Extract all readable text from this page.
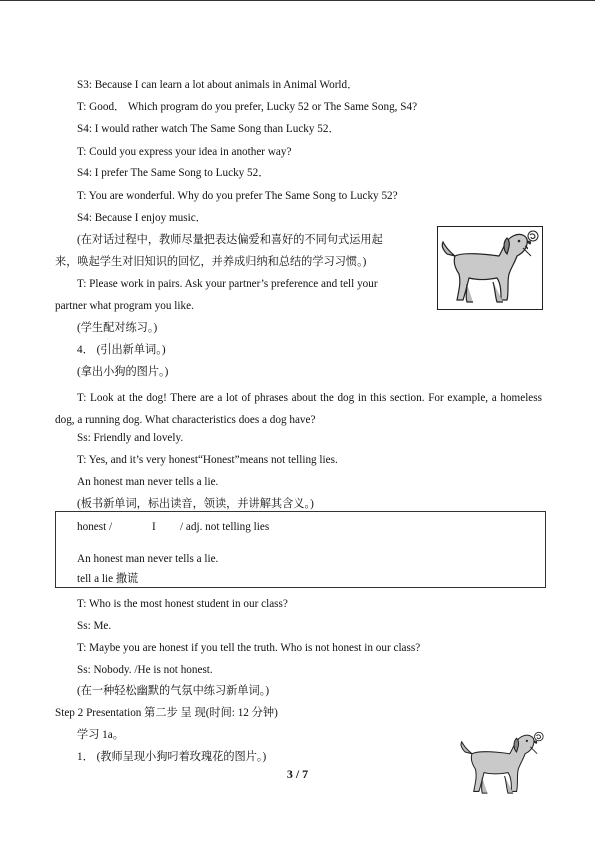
S3: Because I can learn a lot about animals in Animal World．
T: Good． Which program do you prefer, Lucky 52 or The Same Song, S4?
S4: I would rather watch The Same Song than Lucky 52．
T: Could you express your idea in another way?
S4: I prefer The Same Song to Lucky 52．
T: You are wonderful. Why do you prefer The Same Song to Lucky 52?
S4: Because I enjoy music．
(在对话过程中，教师尽量把表达偏爱和喜好的不同句式运用起
来，唤起学生对旧知识的回忆，并养成归纳和总结的学习习惯。)
T: Please work in pairs. Ask your partner’s preference and tell your
partner what program you like.
(学生配对练习。)
4． (引出新单词。)
(拿出小狗的图片。)
T: Look at the dog! There are a lot of phrases about the dog in this section. For example, a homeless dog, a running dog. What characteristics does a dog have?
Ss: Friendly and lovely.
T: Yes, and it’s very honest“Honest”means not telling lies.
An honest man never tells a lie.
(板书新单词，标出读音，领读，并讲解其含义。)
honest /	I / adj. not telling lies
An honest man never tells a lie.
tell a lie 撒谎
T: Who is the most honest student in our class?
Ss: Me.
T: Maybe you are honest if you tell the truth. Who is not honest in our class?
Ss: Nobody. /He is not honest.
(在一种轻松幽默的气氛中练习新单词。)
Step 2 Presentation 第二步 呈 现(时间: 12 分钟)
学习 1a。
1． (教师呈现小狗叼着玫瑰花的图片。)
3 / 7
